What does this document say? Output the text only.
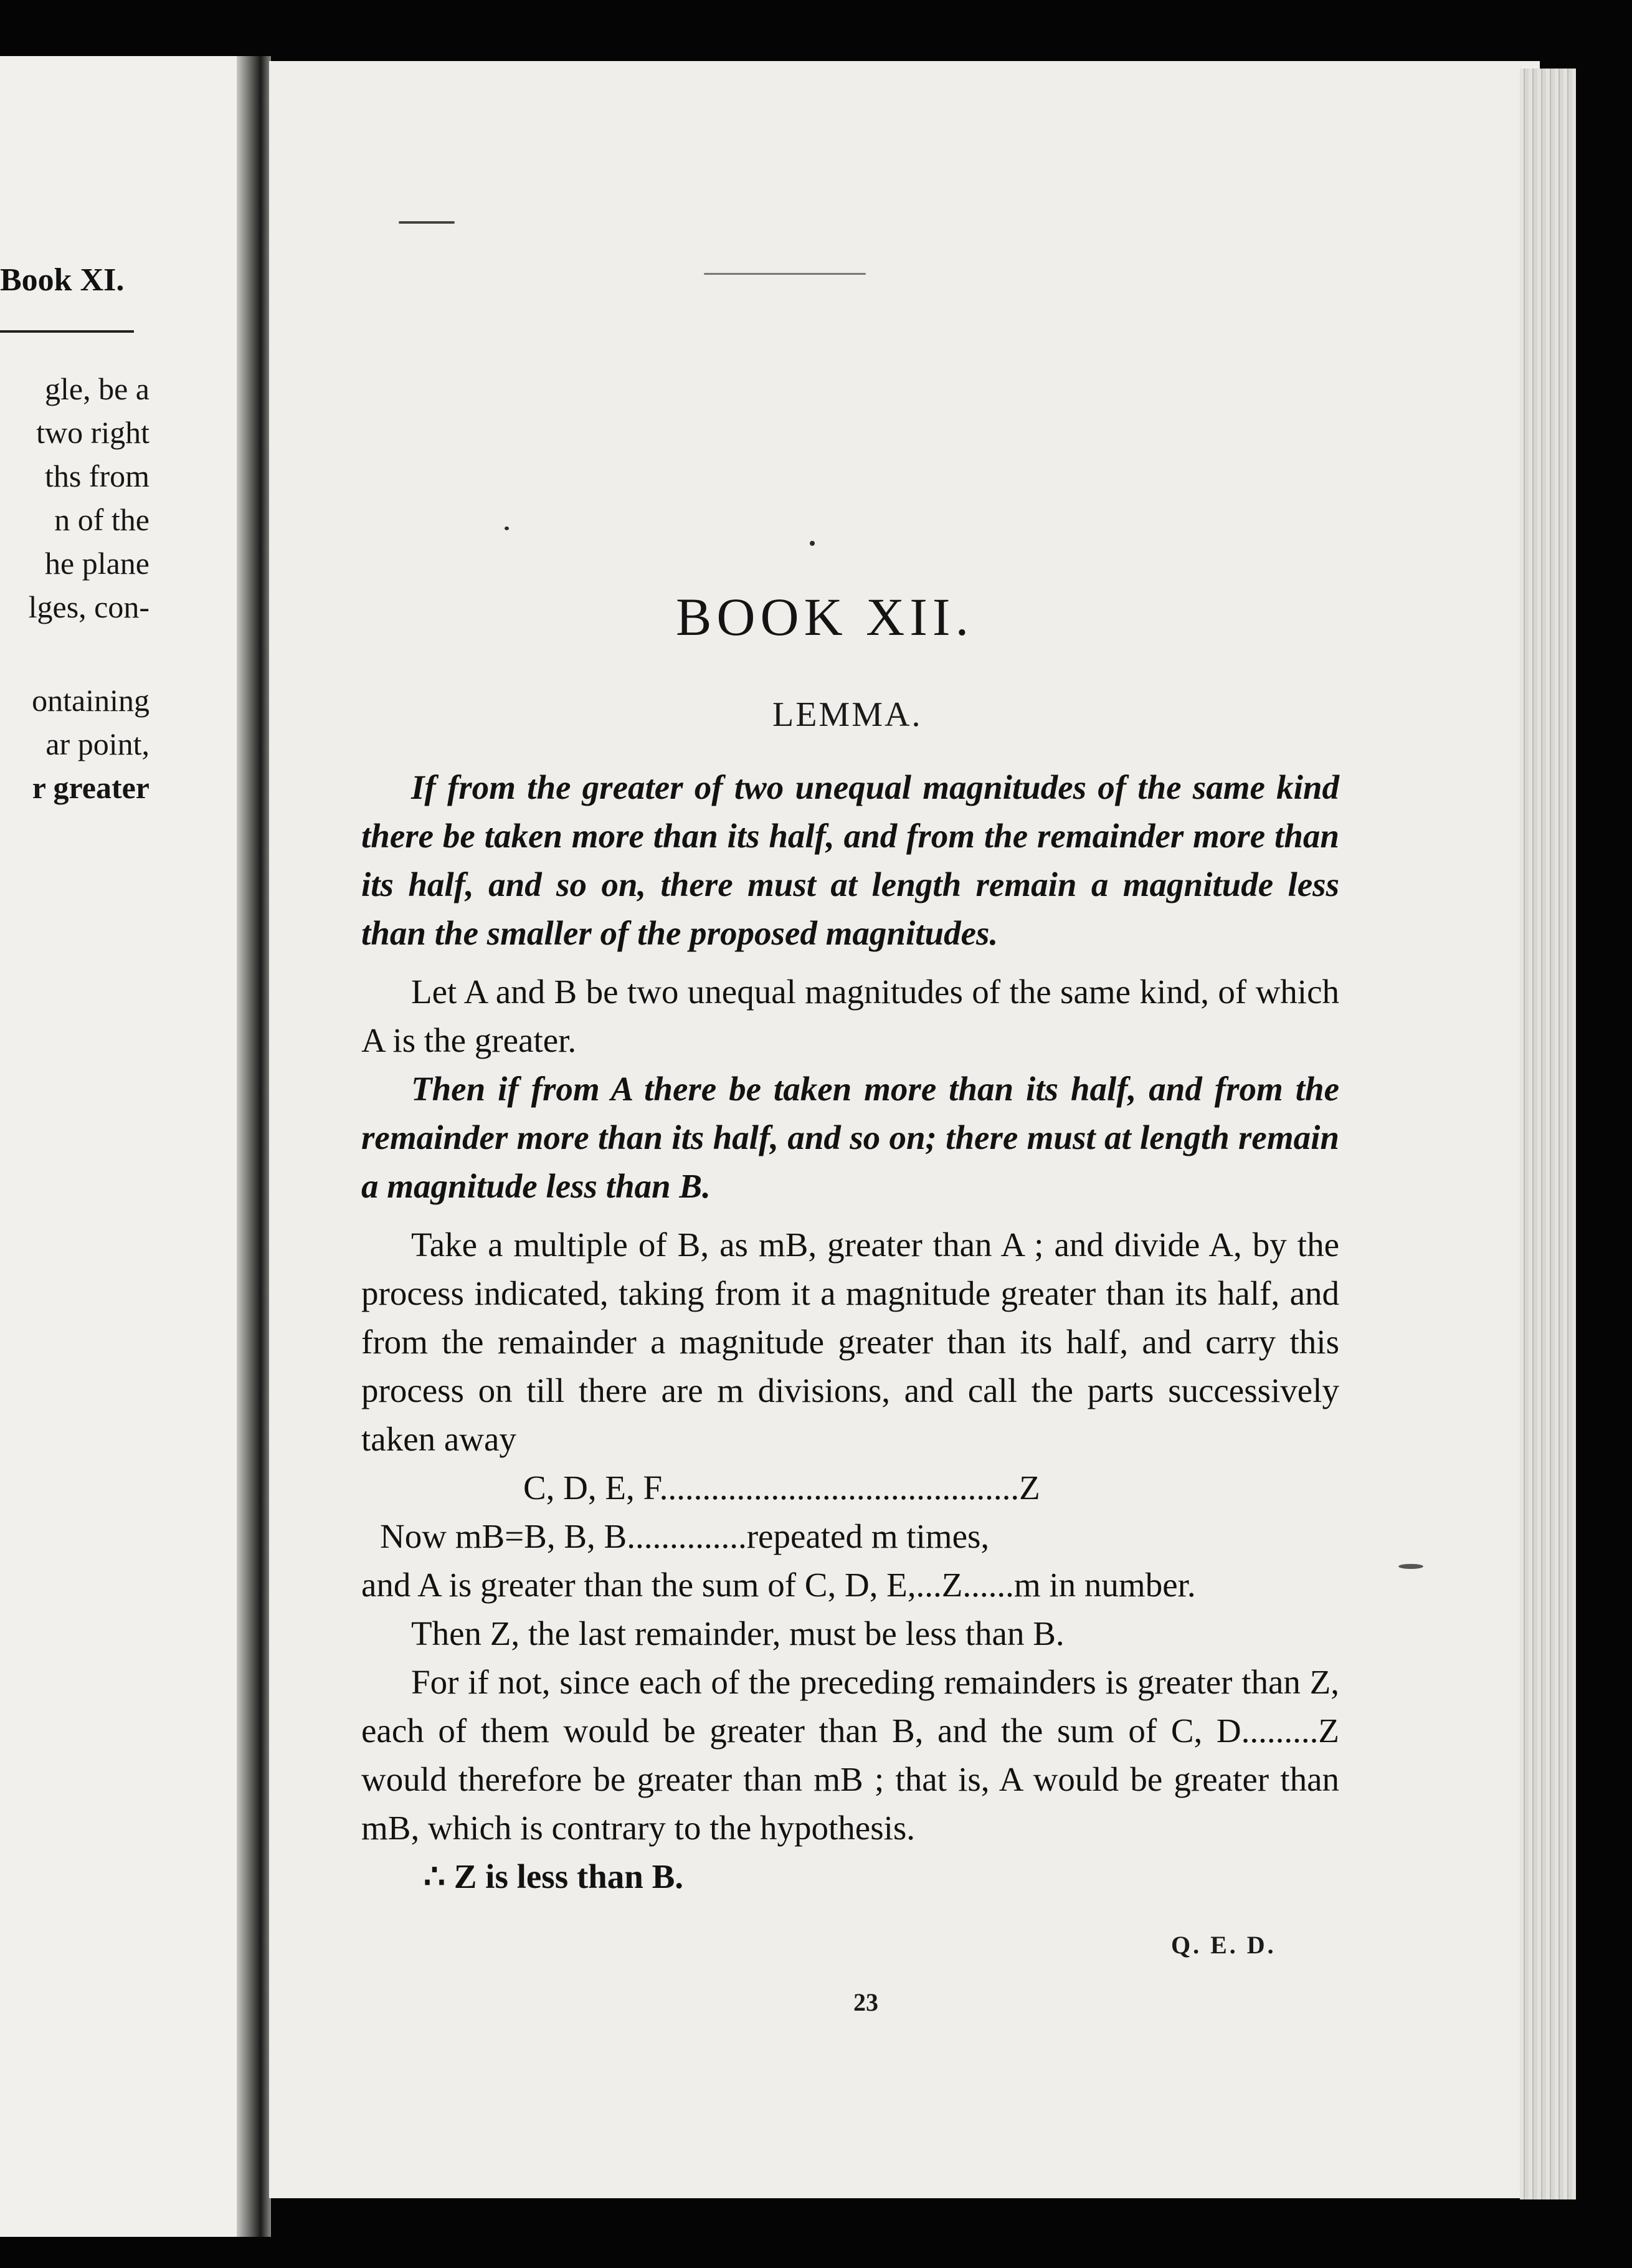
Book XI.
gle, be a
two right
ths from
n of the
he plane
lges, con-
ontaining
ar point,
r greater
BOOK XII.
LEMMA.

If from the greater of two unequal magnitudes of the same kind there be taken more than its half, and from the remainder more than its half, and so on, there must at length remain a magnitude less than the smaller of the proposed magnitudes.

Let A and B be two unequal magnitudes of the same kind, of which A is the greater.

Then if from A there be taken more than its half, and from the remainder more than its half, and so on; there must at length remain a magnitude less than B.

Take a multiple of B, as mB, greater than A ; and divide A, by the process indicated, taking from it a magnitude greater than its half, and from the remainder a magnitude greater than its half, and carry this process on till there are m divisions, and call the parts successively taken away

C, D, E, F..........................................Z

Now mB=B, B, B..............repeated m times,

and A is greater than the sum of C, D, E,...Z......m in number.

Then Z, the last remainder, must be less than B.

For if not, since each of the preceding remainders is greater than Z, each of them would be greater than B, and the sum of C, D.........Z would therefore be greater than mB ; that is, A would be greater than mB, which is contrary to the hypothesis.

∴ Z is less than B.

Q. E. D.
23
